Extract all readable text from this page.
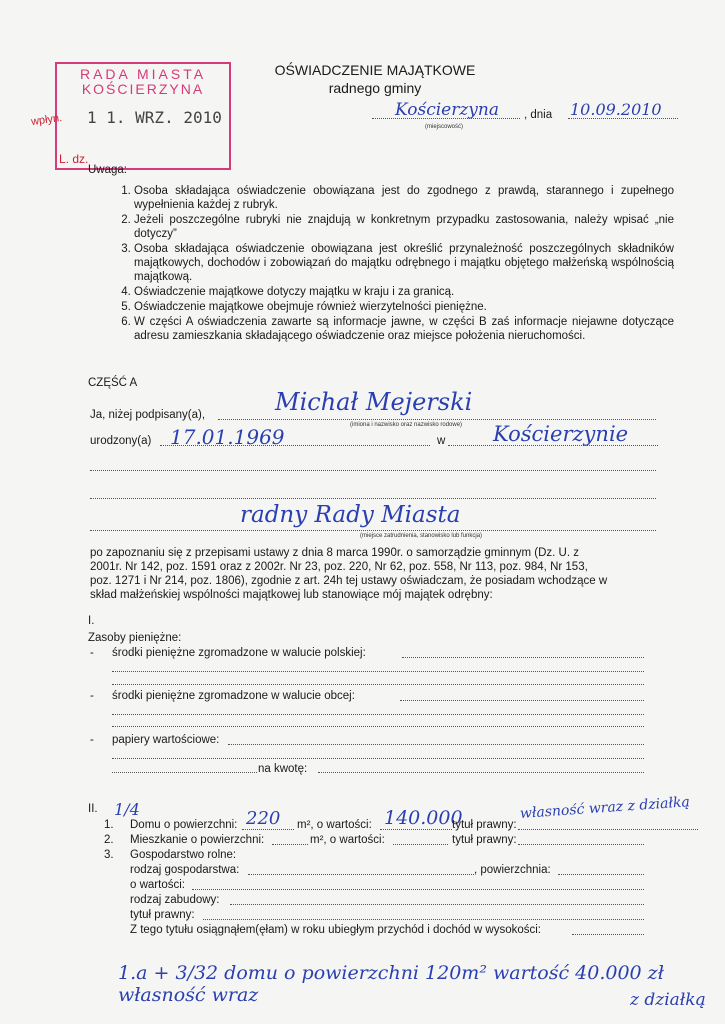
RADA MIASTA
KOŚCIERZYNA
wpłyn. 1 1. WRZ. 2010
L. dz.
OŚWIADCZENIE MAJĄTKOWE
radnego gminy
Kościerzyna
(miejscowość)
, dnia 10.09.2010
Uwaga:
1. Osoba składająca oświadczenie obowiązana jest do zgodnego z prawdą, starannego i zupełnego wypełnienia każdej z rubryk.
2. Jeżeli poszczególne rubryki nie znajdują w konkretnym przypadku zastosowania, należy wpisać „nie dotyczy”
3. Osoba składająca oświadczenie obowiązana jest określić przynależność poszczególnych składników majątkowych, dochodów i zobowiązań do majątku odrębnego i majątku objętego małżeńską wspólnością majątkową.
4. Oświadczenie majątkowe dotyczy majątku w kraju i za granicą.
5. Oświadczenie majątkowe obejmuje również wierzytelności pieniężne.
6. W części A oświadczenia zawarte są informacje jawne, w części B zaś informacje niejawne dotyczące adresu zamieszkania składającego oświadczenie oraz miejsce położenia nieruchomości.
CZĘŚĆ A
Ja, niżej podpisany(a),	Michał Mejerski
(imiona i nazwisko oraz nazwisko rodowe)
urodzony(a) 17.01.1969	w Kościerzynie
radny Rady Miasta
(miejsce zatrudnienia, stanowisko lub funkcja)
po zapoznaniu się z przepisami ustawy z dnia 8 marca 1990r. o samorządzie gminnym (Dz. U. z
2001r. Nr 142, poz. 1591 oraz z 2002r. Nr 23, poz. 220, Nr 62, poz. 558, Nr 113, poz. 984, Nr 153,
poz. 1271 i Nr 214, poz. 1806), zgodnie z art. 24h tej ustawy oświadczam, że posiadam wchodzące w
skład małżeńskiej wspólności majątkowej lub stanowiące mój majątek odrębny:
I.
Zasoby pieniężne:
- środki pieniężne zgromadzone w walucie polskiej:
- środki pieniężne zgromadzone w walucie obcej:
- papiery wartościowe:
na kwotę:
II.
1.
1/4
Domu o powierzchni: 220 m², o wartości: 140.000
tytuł prawny:
własność wraz z działką
2. Mieszkanie o powierzchni:	m², o wartości:	tytuł prawny:
3. Gospodarstwo rolne:
rodzaj gospodarstwa:	, powierzchnia:
o wartości:
rodzaj zabudowy:
tytuł prawny:
Z tego tytułu osiągnąłem(ęłam) w roku ubiegłym przychód i dochód w wysokości:
1.a + 3/32 domu o powierzchni 120m² wartość 40.000 zł własność wraz	z działką
